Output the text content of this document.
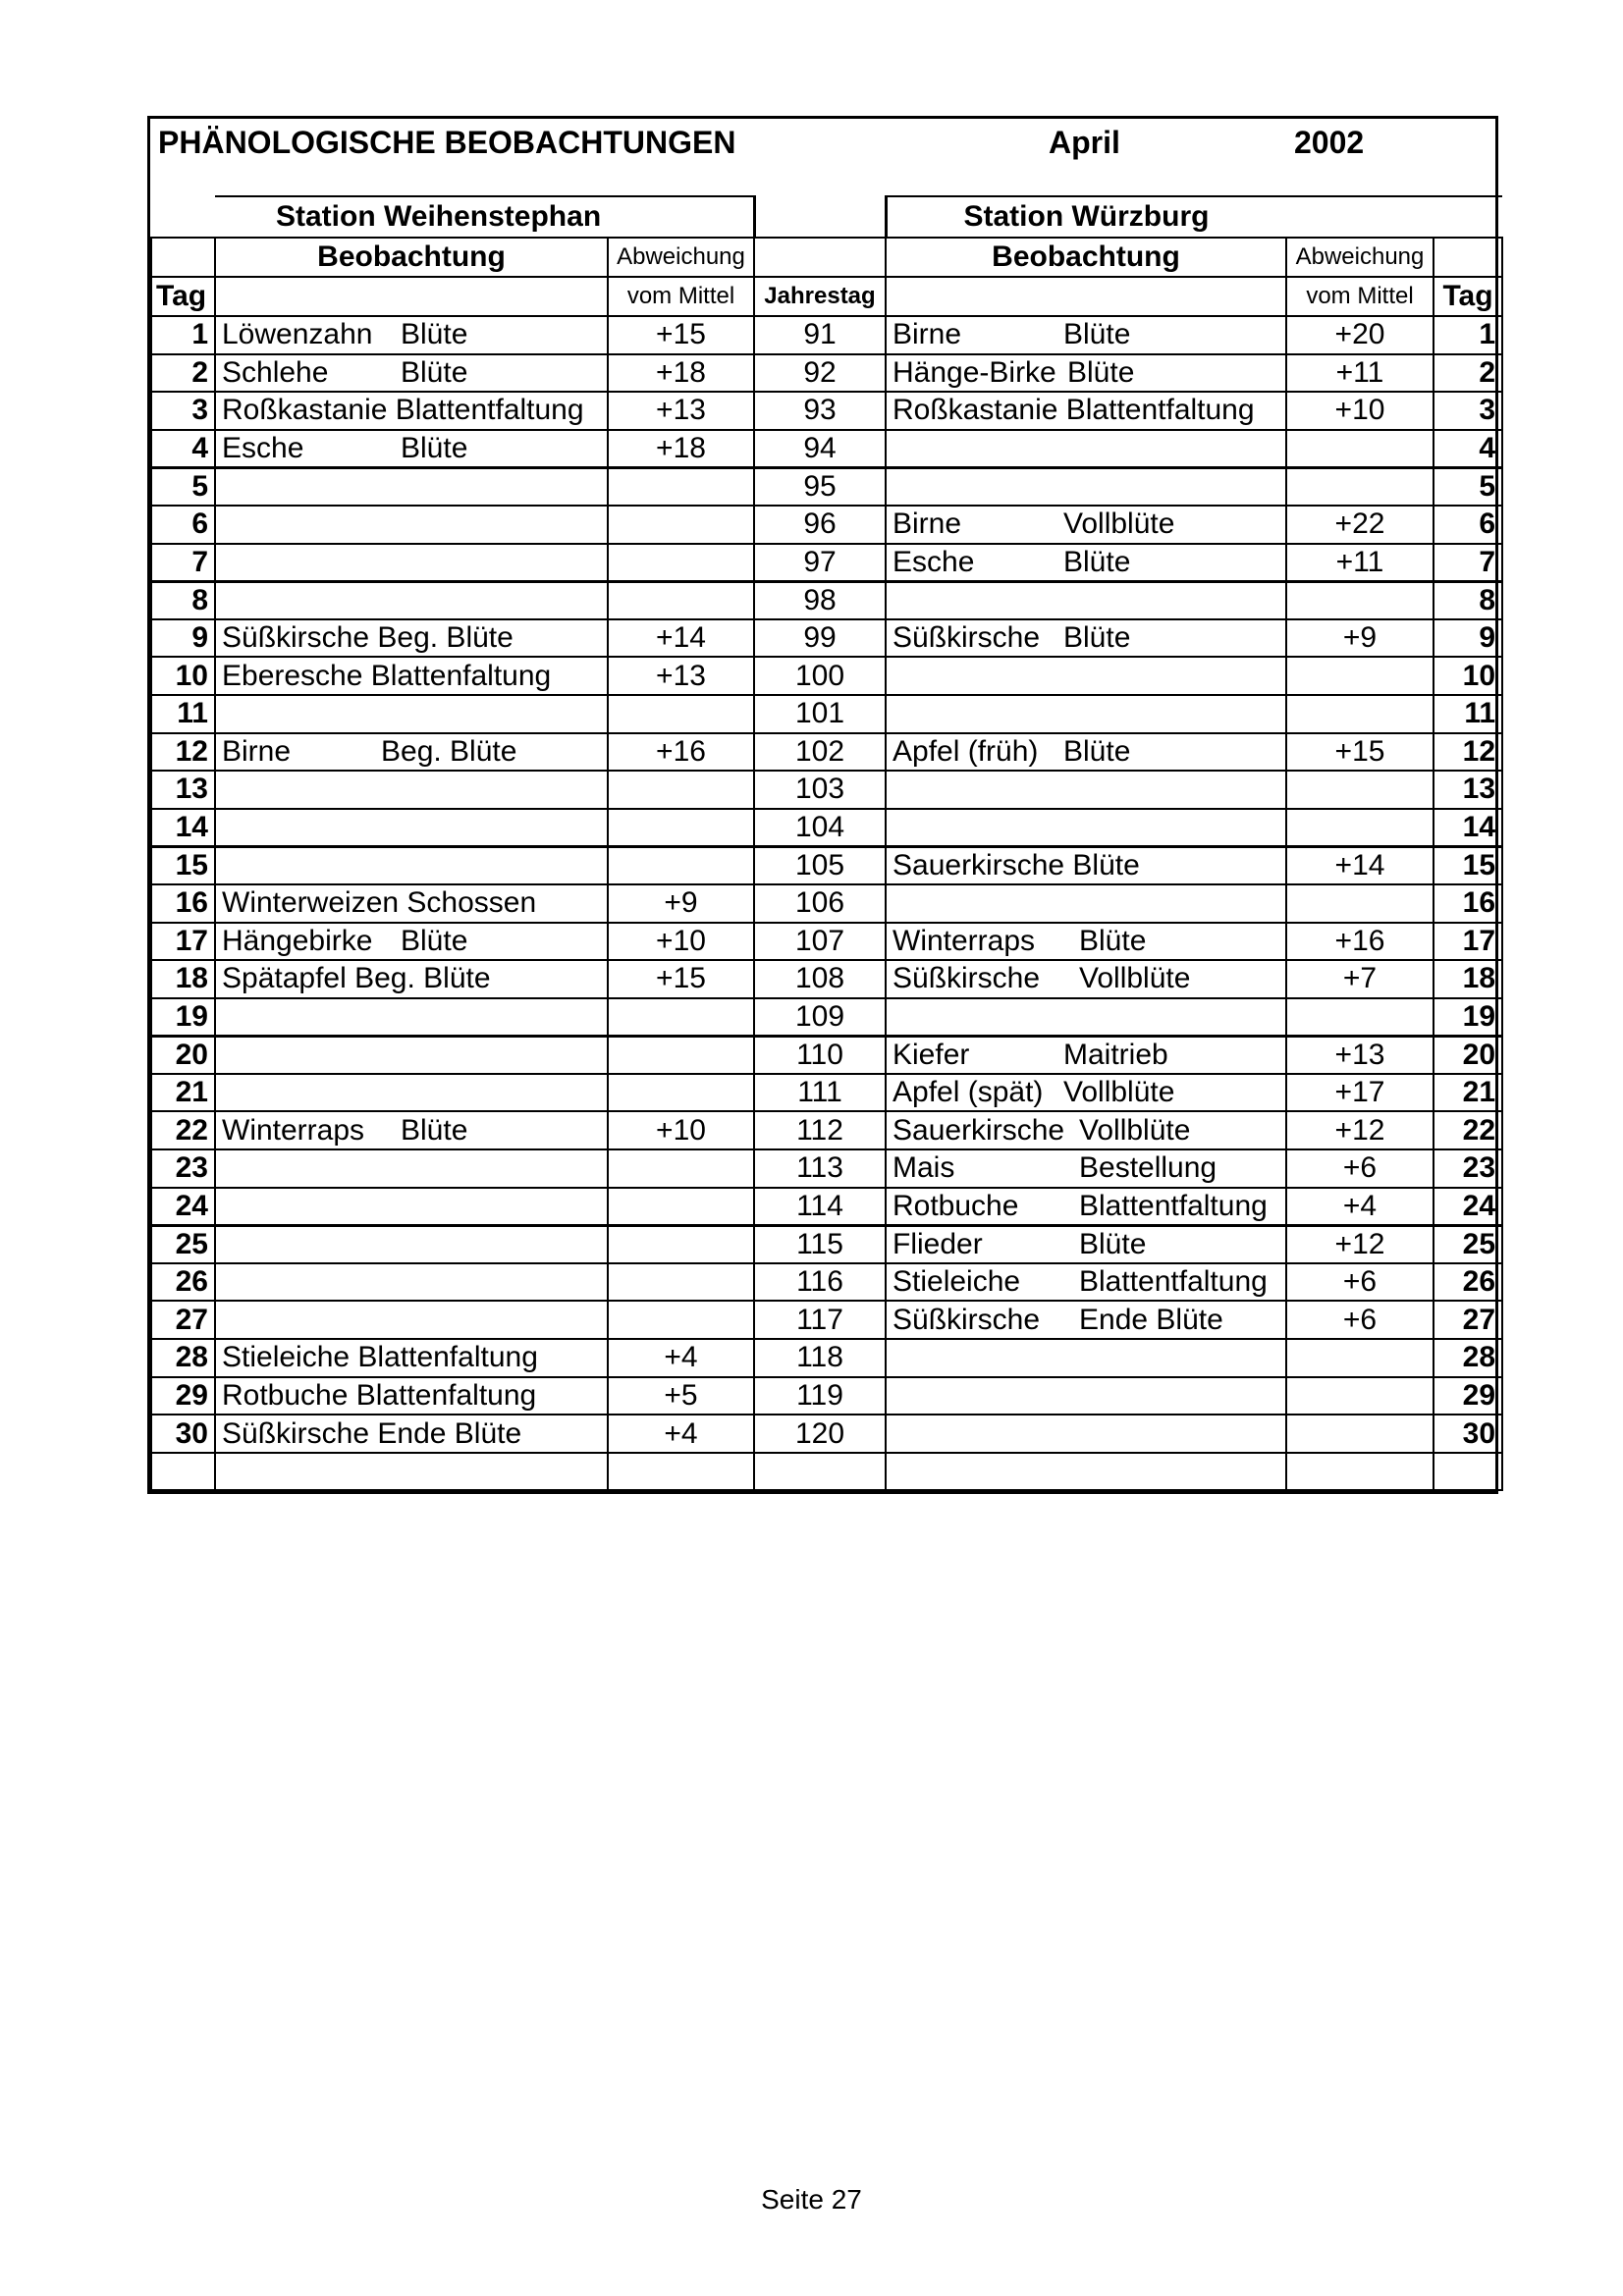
PHÄNOLOGISCHE BEOBACHTUNGEN	April	2002
	Station Weihenstephan			Station Würzburg		
	Beobachtung	Abweichung		Beobachtung	Abweichung	
Tag		vom Mittel	Jahrestag		vom Mittel	Tag
1	Löwenzahn Blüte	+15	91	Birne Blüte	+20	1
2	Schlehe Blüte	+18	92	Hänge-Birke Blüte	+11	2
3	Roßkastanie Blattentfaltung	+13	93	Roßkastanie Blattentfaltung	+10	3
4	Esche Blüte	+18	94			4
5			95			5
6			96	Birne Vollblüte	+22	6
7			97	Esche Blüte	+11	7
8			98			8
9	Süßkirsche Beg. Blüte	+14	99	Süßkirsche Blüte	+9	9
10	Eberesche Blattenfaltung	+13	100			10
11			101			11
12	Birne Beg. Blüte	+16	102	Apfel (früh) Blüte	+15	12
13			103			13
14			104			14
15			105	Sauerkirsche Blüte	+14	15
16	Winterweizen Schossen	+9	106			16
17	Hängebirke Blüte	+10	107	Winterraps Blüte	+16	17
18	Spätapfel Beg. Blüte	+15	108	Süßkirsche Vollblüte	+7	18
19			109			19
20			110	Kiefer Maitrieb	+13	20
21			111	Apfel (spät) Vollblüte	+17	21
22	Winterraps Blüte	+10	112	Sauerkirsche Vollblüte	+12	22
23			113	Mais Bestellung	+6	23
24			114	Rotbuche Blattentfaltung	+4	24
25			115	Flieder Blüte	+12	25
26			116	Stieleiche Blattentfaltung	+6	26
27			117	Süßkirsche Ende Blüte	+6	27
28	Stieleiche Blattenfaltung	+4	118			28
29	Rotbuche Blattenfaltung	+5	119			29
30	Süßkirsche Ende Blüte	+4	120			30

Seite 27
